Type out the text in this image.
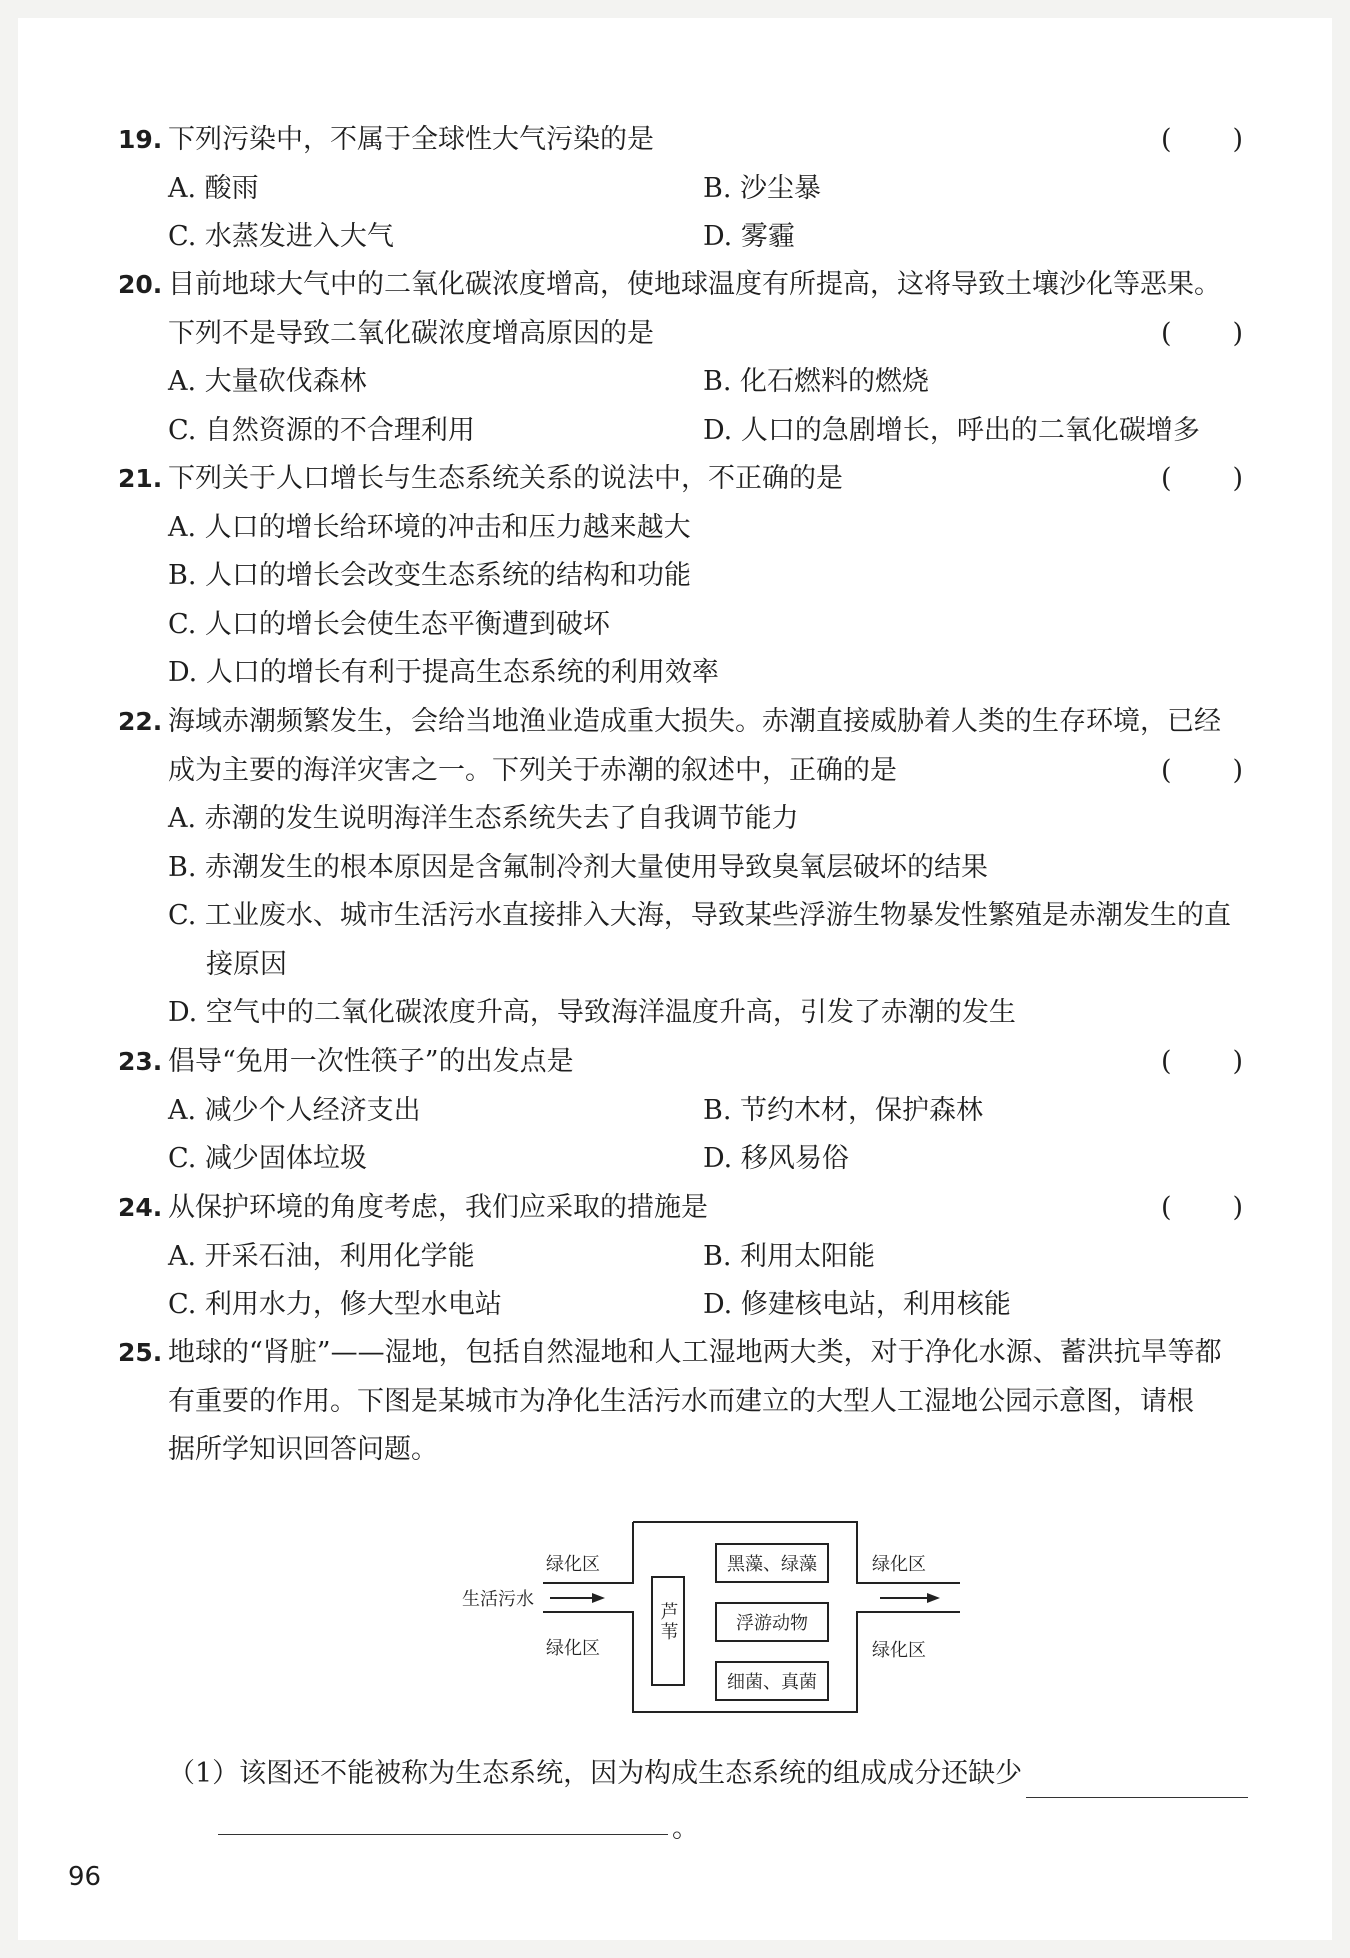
19. 下列污染中，不属于全球性大气污染的是	( )
A. 酸雨	B. 沙尘暴
C. 水蒸发进入大气	D. 雾霾
20. 目前地球大气中的二氧化碳浓度增高，使地球温度有所提高，这将导致土壤沙化等恶果。
下列不是导致二氧化碳浓度增高原因的是	( )
A. 大量砍伐森林	B. 化石燃料的燃烧
C. 自然资源的不合理利用	D. 人口的急剧增长，呼出的二氧化碳增多
21. 下列关于人口增长与生态系统关系的说法中，不正确的是	( )
A. 人口的增长给环境的冲击和压力越来越大
B. 人口的增长会改变生态系统的结构和功能
C. 人口的增长会使生态平衡遭到破坏
D. 人口的增长有利于提高生态系统的利用效率
22. 海域赤潮频繁发生，会给当地渔业造成重大损失。赤潮直接威胁着人类的生存环境，已经
成为主要的海洋灾害之一。下列关于赤潮的叙述中，正确的是	( )
A. 赤潮的发生说明海洋生态系统失去了自我调节能力
B. 赤潮发生的根本原因是含氟制冷剂大量使用导致臭氧层破坏的结果
C. 工业废水、城市生活污水直接排入大海，导致某些浮游生物暴发性繁殖是赤潮发生的直
接原因
D. 空气中的二氧化碳浓度升高，导致海洋温度升高，引发了赤潮的发生
23. 倡导“免用一次性筷子”的出发点是	( )
A. 减少个人经济支出	B. 节约木材，保护森林
C. 减少固体垃圾	D. 移风易俗
24. 从保护环境的角度考虑，我们应采取的措施是	( )
A. 开采石油，利用化学能	B. 利用太阳能
C. 利用水力，修大型水电站	D. 修建核电站，利用核能
25. 地球的“肾脏”——湿地，包括自然湿地和人工湿地两大类，对于净化水源、蓄洪抗旱等都
有重要的作用。下图是某城市为净化生活污水而建立的大型人工湿地公园示意图，请根
据所学知识回答问题。
生活污水
绿化区
绿化区
绿化区
绿化区
芦苇
黑藻、绿藻
浮游动物
细菌、真菌
（1）该图还不能被称为生态系统，因为构成生态系统的组成成分还缺少
。
96
